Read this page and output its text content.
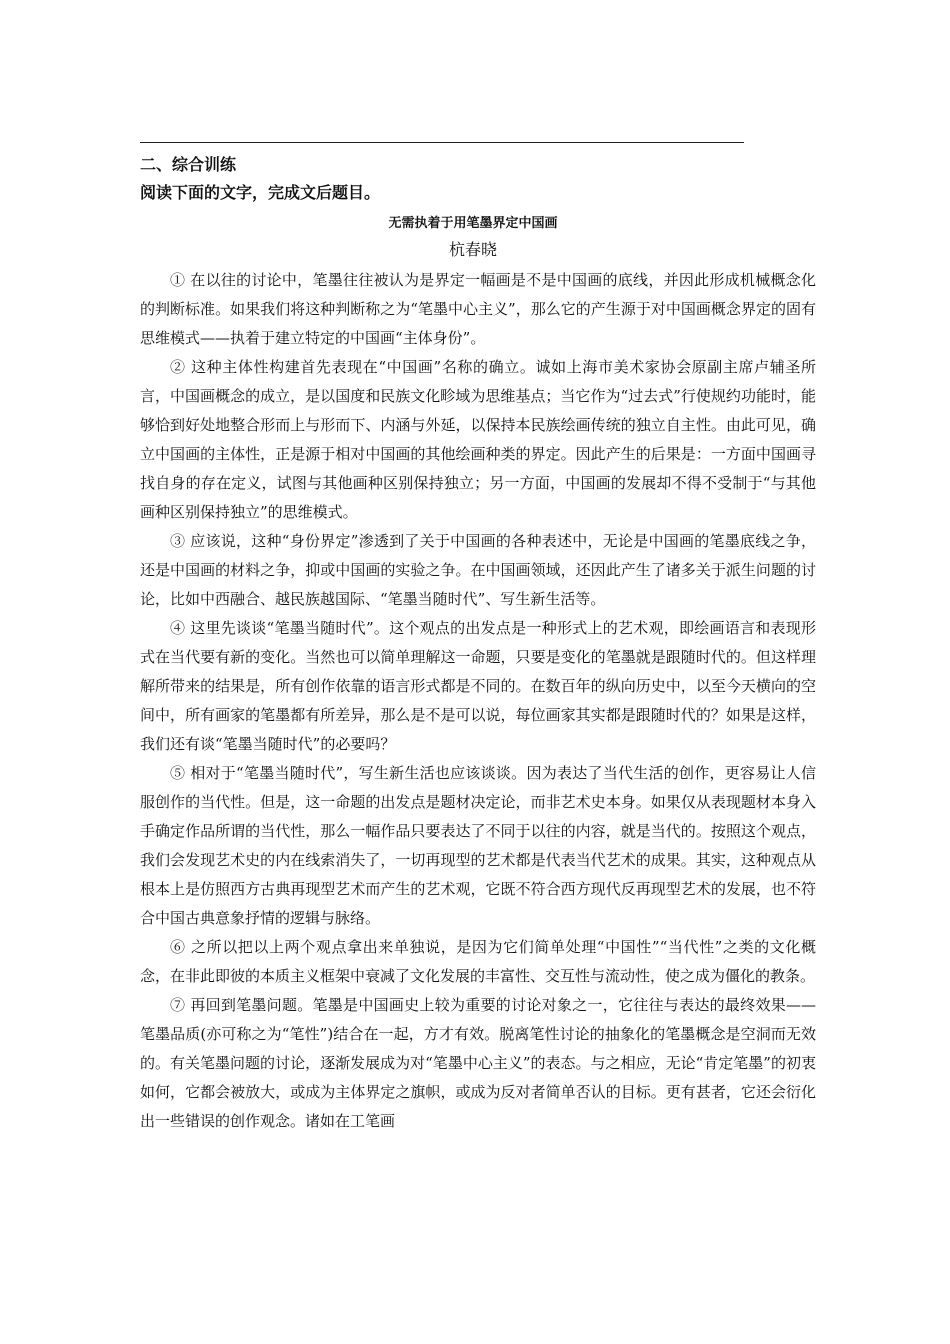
二、综合训练
阅读下面的文字，完成文后题目。
无需执着于用笔墨界定中国画
杭春晓

① 在以往的讨论中，笔墨往往被认为是界定一幅画是不是中国画的底线，并因此形成机械概念化的判断标准。如果我们将这种判断称之为“笔墨中心主义”，那么它的产生源于对中国画概念界定的固有思维模式——执着于建立特定的中国画“主体身份”。

② 这种主体性构建首先表现在“中国画”名称的确立。诚如上海市美术家协会原副主席卢辅圣所言，中国画概念的成立，是以国度和民族文化畛域为思维基点；当它作为“过去式”行使规约功能时，能够恰到好处地整合形而上与形而下、内涵与外延，以保持本民族绘画传统的独立自主性。由此可见，确立中国画的主体性，正是源于相对中国画的其他绘画种类的界定。因此产生的后果是：一方面中国画寻找自身的存在定义，试图与其他画种区别保持独立；另一方面，中国画的发展却不得不受制于“与其他画种区别保持独立”的思维模式。

③ 应该说，这种“身份界定”渗透到了关于中国画的各种表述中，无论是中国画的笔墨底线之争，还是中国画的材料之争，抑或中国画的实验之争。在中国画领域，还因此产生了诸多关于派生问题的讨论，比如中西融合、越民族越国际、“笔墨当随时代”、写生新生活等。

④ 这里先谈谈“笔墨当随时代”。这个观点的出发点是一种形式上的艺术观，即绘画语言和表现形式在当代要有新的变化。当然也可以简单理解这一命题，只要是变化的笔墨就是跟随时代的。但这样理解所带来的结果是，所有创作依靠的语言形式都是不同的。在数百年的纵向历史中，以至今天横向的空间中，所有画家的笔墨都有所差异，那么是不是可以说，每位画家其实都是跟随时代的？如果是这样，我们还有谈“笔墨当随时代”的必要吗？

⑤ 相对于“笔墨当随时代”，写生新生活也应该谈谈。因为表达了当代生活的创作，更容易让人信服创作的当代性。但是，这一命题的出发点是题材决定论，而非艺术史本身。如果仅从表现题材本身入手确定作品所谓的当代性，那么一幅作品只要表达了不同于以往的内容，就是当代的。按照这个观点，我们会发现艺术史的内在线索消失了，一切再现型的艺术都是代表当代艺术的成果。其实，这种观点从根本上是仿照西方古典再现型艺术而产生的艺术观，它既不符合西方现代反再现型艺术的发展，也不符合中国古典意象抒情的逻辑与脉络。

⑥ 之所以把以上两个观点拿出来单独说，是因为它们简单处理“中国性”“当代性”之类的文化概念，在非此即彼的本质主义框架中衰减了文化发展的丰富性、交互性与流动性，使之成为僵化的教条。

⑦ 再回到笔墨问题。笔墨是中国画史上较为重要的讨论对象之一，它往往与表达的最终效果——笔墨品质(亦可称之为“笔性”)结合在一起，方才有效。脱离笔性讨论的抽象化的笔墨概念是空洞而无效的。有关笔墨问题的讨论，逐渐发展成为对“笔墨中心主义”的表态。与之相应，无论“肯定笔墨”的初衷如何，它都会被放大，或成为主体界定之旗帜，或成为反对者简单否认的目标。更有甚者，它还会衍化出一些错误的创作观念。诸如在工笔画
